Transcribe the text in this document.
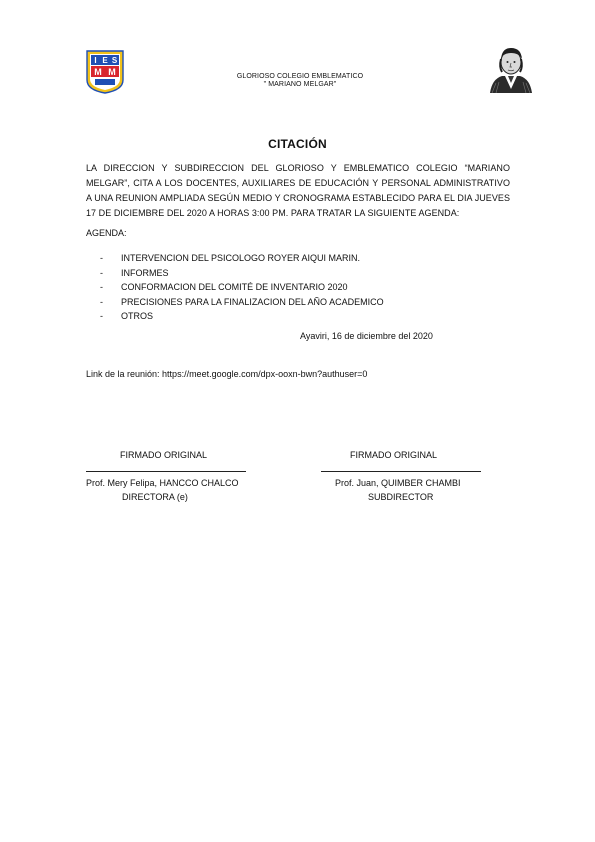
I E S
M M	GLORIOSO COLEGIO EMBLEMATICO
" MARIANO MELGAR"
CITACIÓN
LA DIRECCION Y SUBDIRECCION DEL GLORIOSO Y EMBLEMATICO COLEGIO “MARIANO MELGAR”, CITA A LOS DOCENTES, AUXILIARES DE EDUCACIÓN Y PERSONAL ADMINISTRATIVO A UNA REUNION AMPLIADA SEGÚN MEDIO Y CRONOGRAMA ESTABLECIDO PARA EL DIA JUEVES 17 DE DICIEMBRE DEL 2020 A HORAS 3:00 PM. PARA TRATAR LA SIGUIENTE AGENDA:
AGENDA:
- INTERVENCION DEL PSICOLOGO ROYER AIQUI MARIN.
- INFORMES
- CONFORMACION DEL COMITÉ DE INVENTARIO 2020
- PRECISIONES PARA LA FINALIZACION DEL AÑO ACADEMICO
- OTROS
Ayaviri, 16 de diciembre del 2020
Link de la reunión: https://meet.google.com/dpx-ooxn-bwn?authuser=0
FIRMADO ORIGINAL	FIRMADO ORIGINAL
Prof. Mery Felipa, HANCCO CHALCO	Prof. Juan, QUIMBER CHAMBI
DIRECTORA (e)	SUBDIRECTOR
